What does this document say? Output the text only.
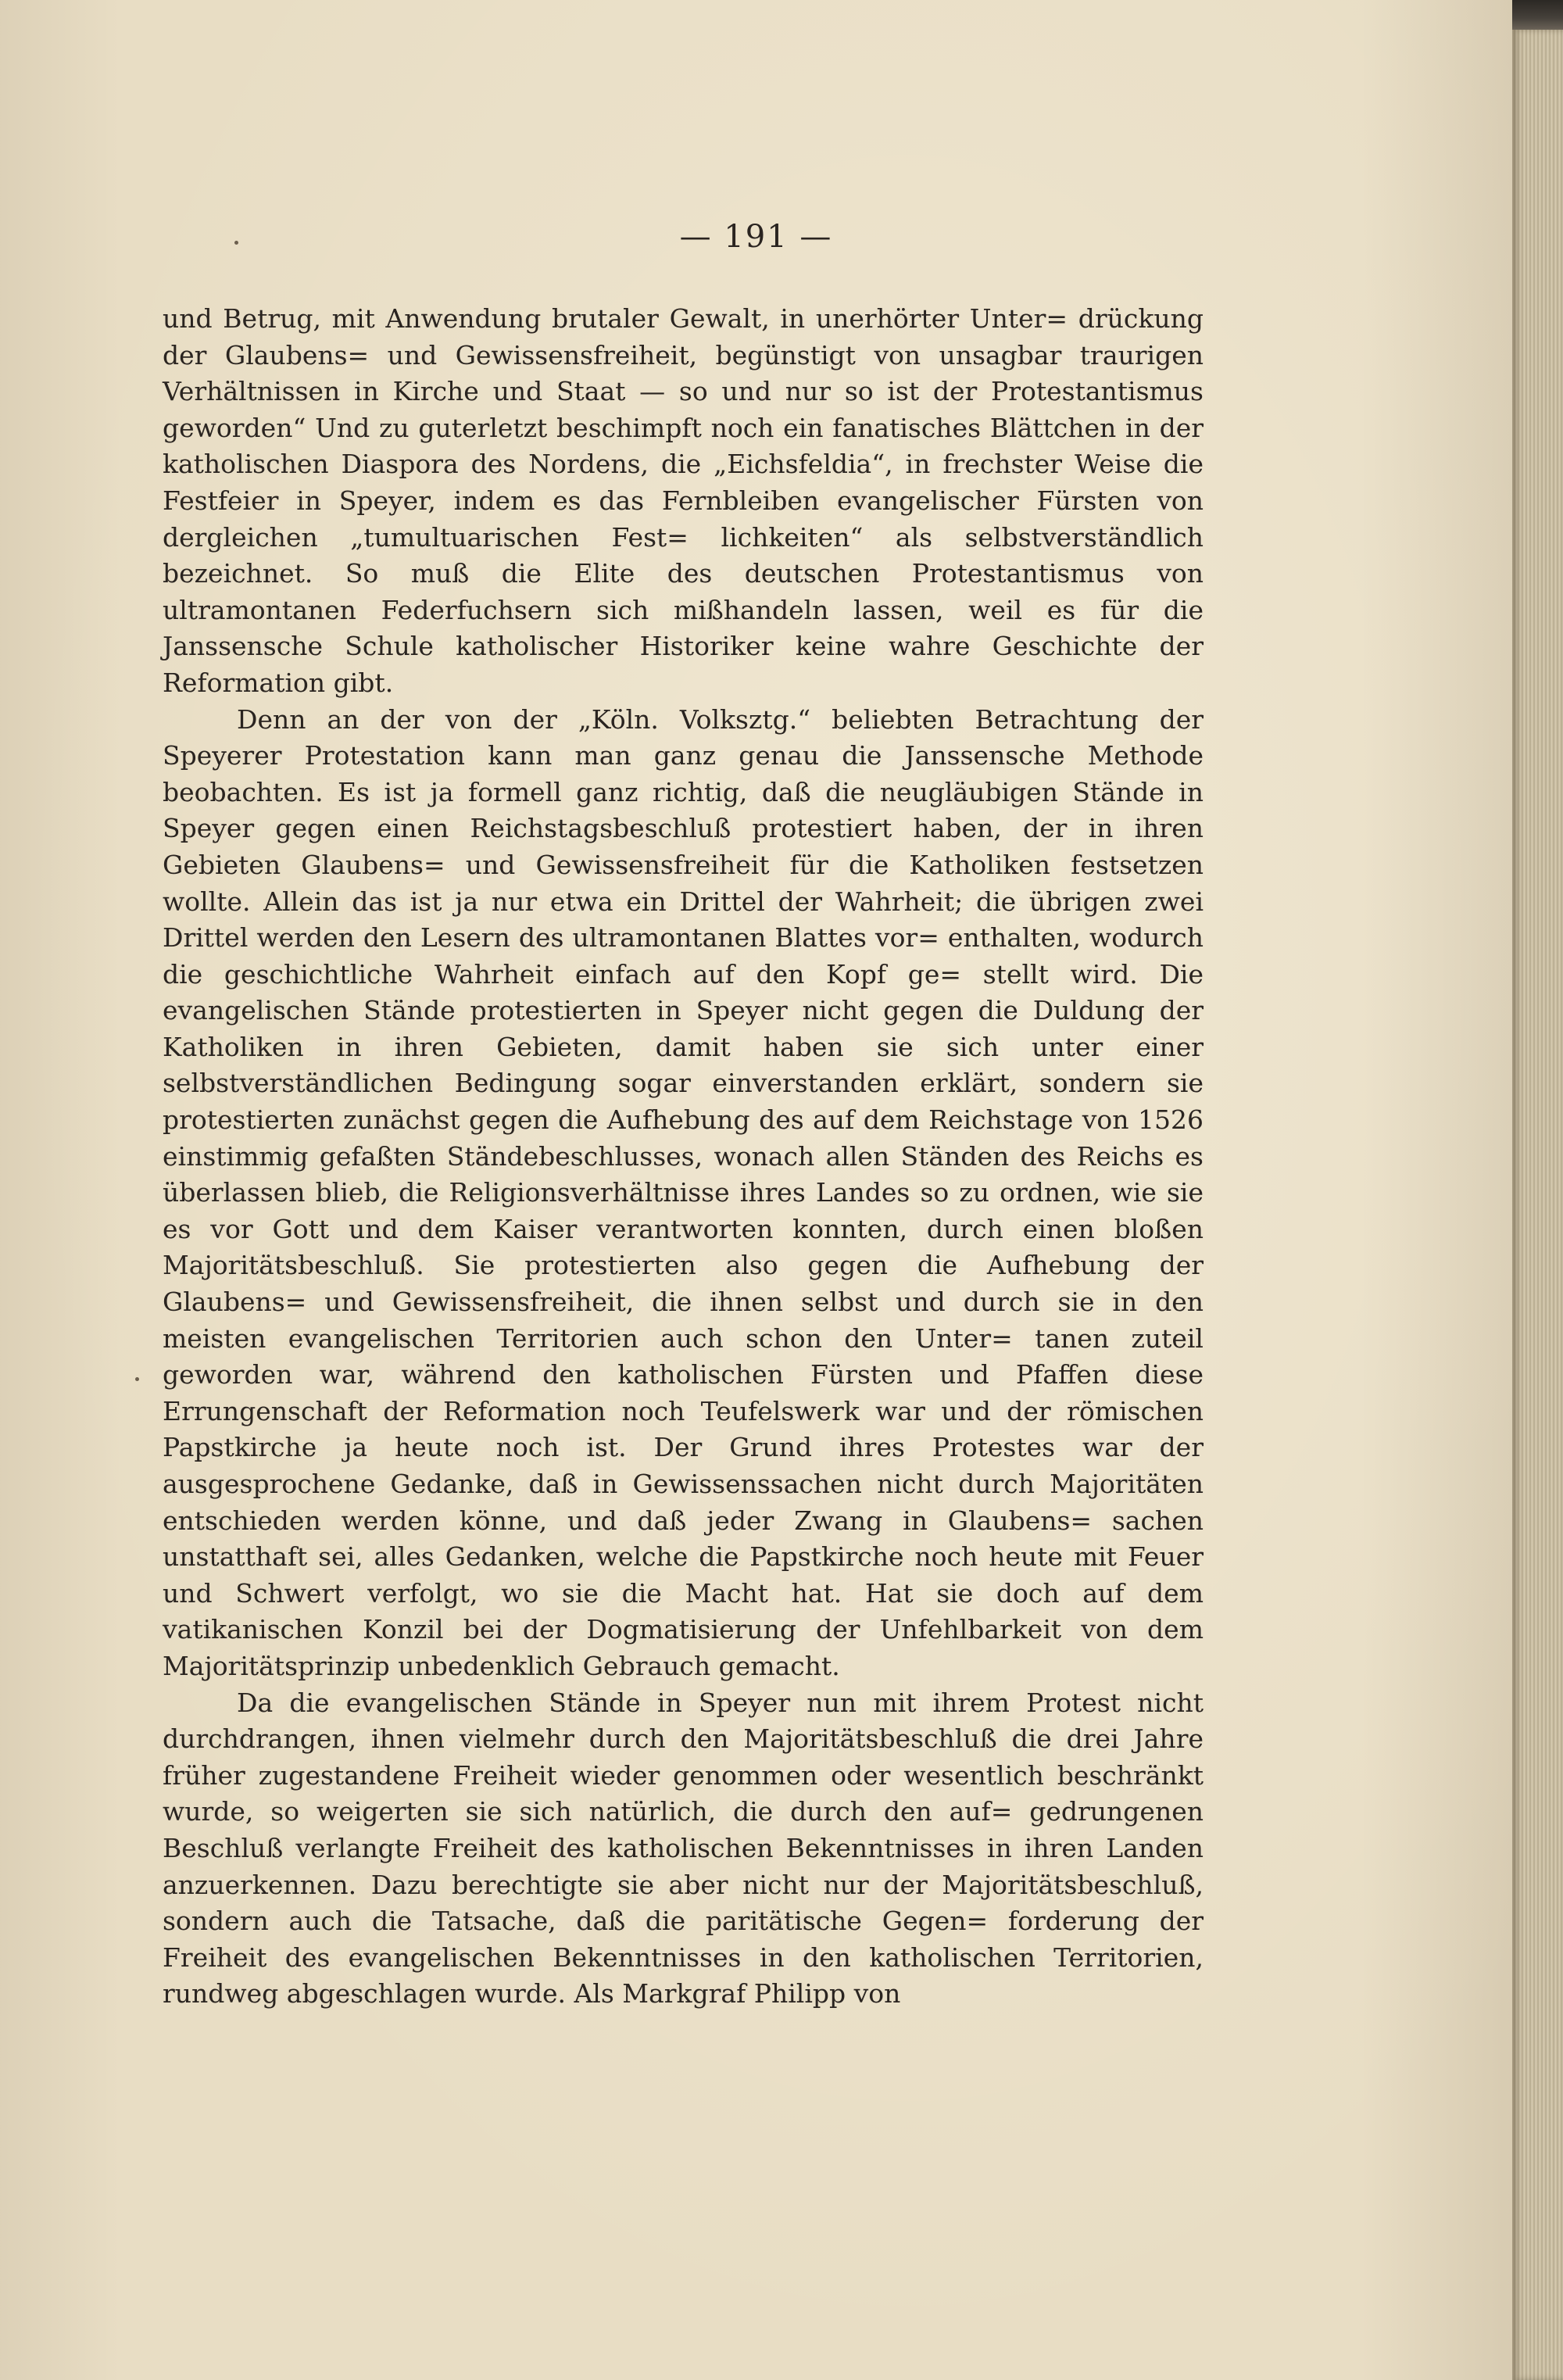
— 191 —

und Betrug, mit Anwendung brutaler Gewalt, in unerhörter Unter= drückung der Glaubens= und Gewissensfreiheit, begünstigt von unsagbar traurigen Verhältnissen in Kirche und Staat — so und nur so ist der Protestantismus geworden“ Und zu guterletzt beschimpft noch ein fanatisches Blättchen in der katholischen Diaspora des Nordens, die „Eichsfeldia“, in frechster Weise die Festfeier in Speyer, indem es das Fernbleiben evangelischer Fürsten von dergleichen „tumultuarischen Fest= lichkeiten“ als selbstverständlich bezeichnet. So muß die Elite des deutschen Protestantismus von ultramontanen Federfuchsern sich mißhandeln lassen, weil es für die Janssensche Schule katholischer Historiker keine wahre Geschichte der Reformation gibt.

Denn an der von der „Köln. Volksztg.“ beliebten Betrachtung der Speyerer Protestation kann man ganz genau die Janssensche Methode beobachten. Es ist ja formell ganz richtig, daß die neugläubigen Stände in Speyer gegen einen Reichstagsbeschluß protestiert haben, der in ihren Gebieten Glaubens= und Gewissensfreiheit für die Katholiken festsetzen wollte. Allein das ist ja nur etwa ein Drittel der Wahrheit; die übrigen zwei Drittel werden den Lesern des ultramontanen Blattes vor= enthalten, wodurch die geschichtliche Wahrheit einfach auf den Kopf ge= stellt wird. Die evangelischen Stände protestierten in Speyer nicht gegen die Duldung der Katholiken in ihren Gebieten, damit haben sie sich unter einer selbstverständlichen Bedingung sogar einverstanden erklärt, sondern sie protestierten zunächst gegen die Aufhebung des auf dem Reichstage von 1526 einstimmig gefaßten Ständebeschlusses, wonach allen Ständen des Reichs es überlassen blieb, die Religionsverhältnisse ihres Landes so zu ordnen, wie sie es vor Gott und dem Kaiser verantworten konnten, durch einen bloßen Majoritätsbeschluß. Sie protestierten also gegen die Aufhebung der Glaubens= und Gewissensfreiheit, die ihnen selbst und durch sie in den meisten evangelischen Territorien auch schon den Unter= tanen zuteil geworden war, während den katholischen Fürsten und Pfaffen diese Errungenschaft der Reformation noch Teufelswerk war und der römischen Papstkirche ja heute noch ist. Der Grund ihres Protestes war der ausgesprochene Gedanke, daß in Gewissenssachen nicht durch Majoritäten entschieden werden könne, und daß jeder Zwang in Glaubens= sachen unstatthaft sei, alles Gedanken, welche die Papstkirche noch heute mit Feuer und Schwert verfolgt, wo sie die Macht hat. Hat sie doch auf dem vatikanischen Konzil bei der Dogmatisierung der Unfehlbarkeit von dem Majoritätsprinzip unbedenklich Gebrauch gemacht.

Da die evangelischen Stände in Speyer nun mit ihrem Protest nicht durchdrangen, ihnen vielmehr durch den Majoritätsbeschluß die drei Jahre früher zugestandene Freiheit wieder genommen oder wesentlich beschränkt wurde, so weigerten sie sich natürlich, die durch den auf= gedrungenen Beschluß verlangte Freiheit des katholischen Bekenntnisses in ihren Landen anzuerkennen. Dazu berechtigte sie aber nicht nur der Majoritätsbeschluß, sondern auch die Tatsache, daß die paritätische Gegen= forderung der Freiheit des evangelischen Bekenntnisses in den katholischen Territorien, rundweg abgeschlagen wurde. Als Markgraf Philipp von
